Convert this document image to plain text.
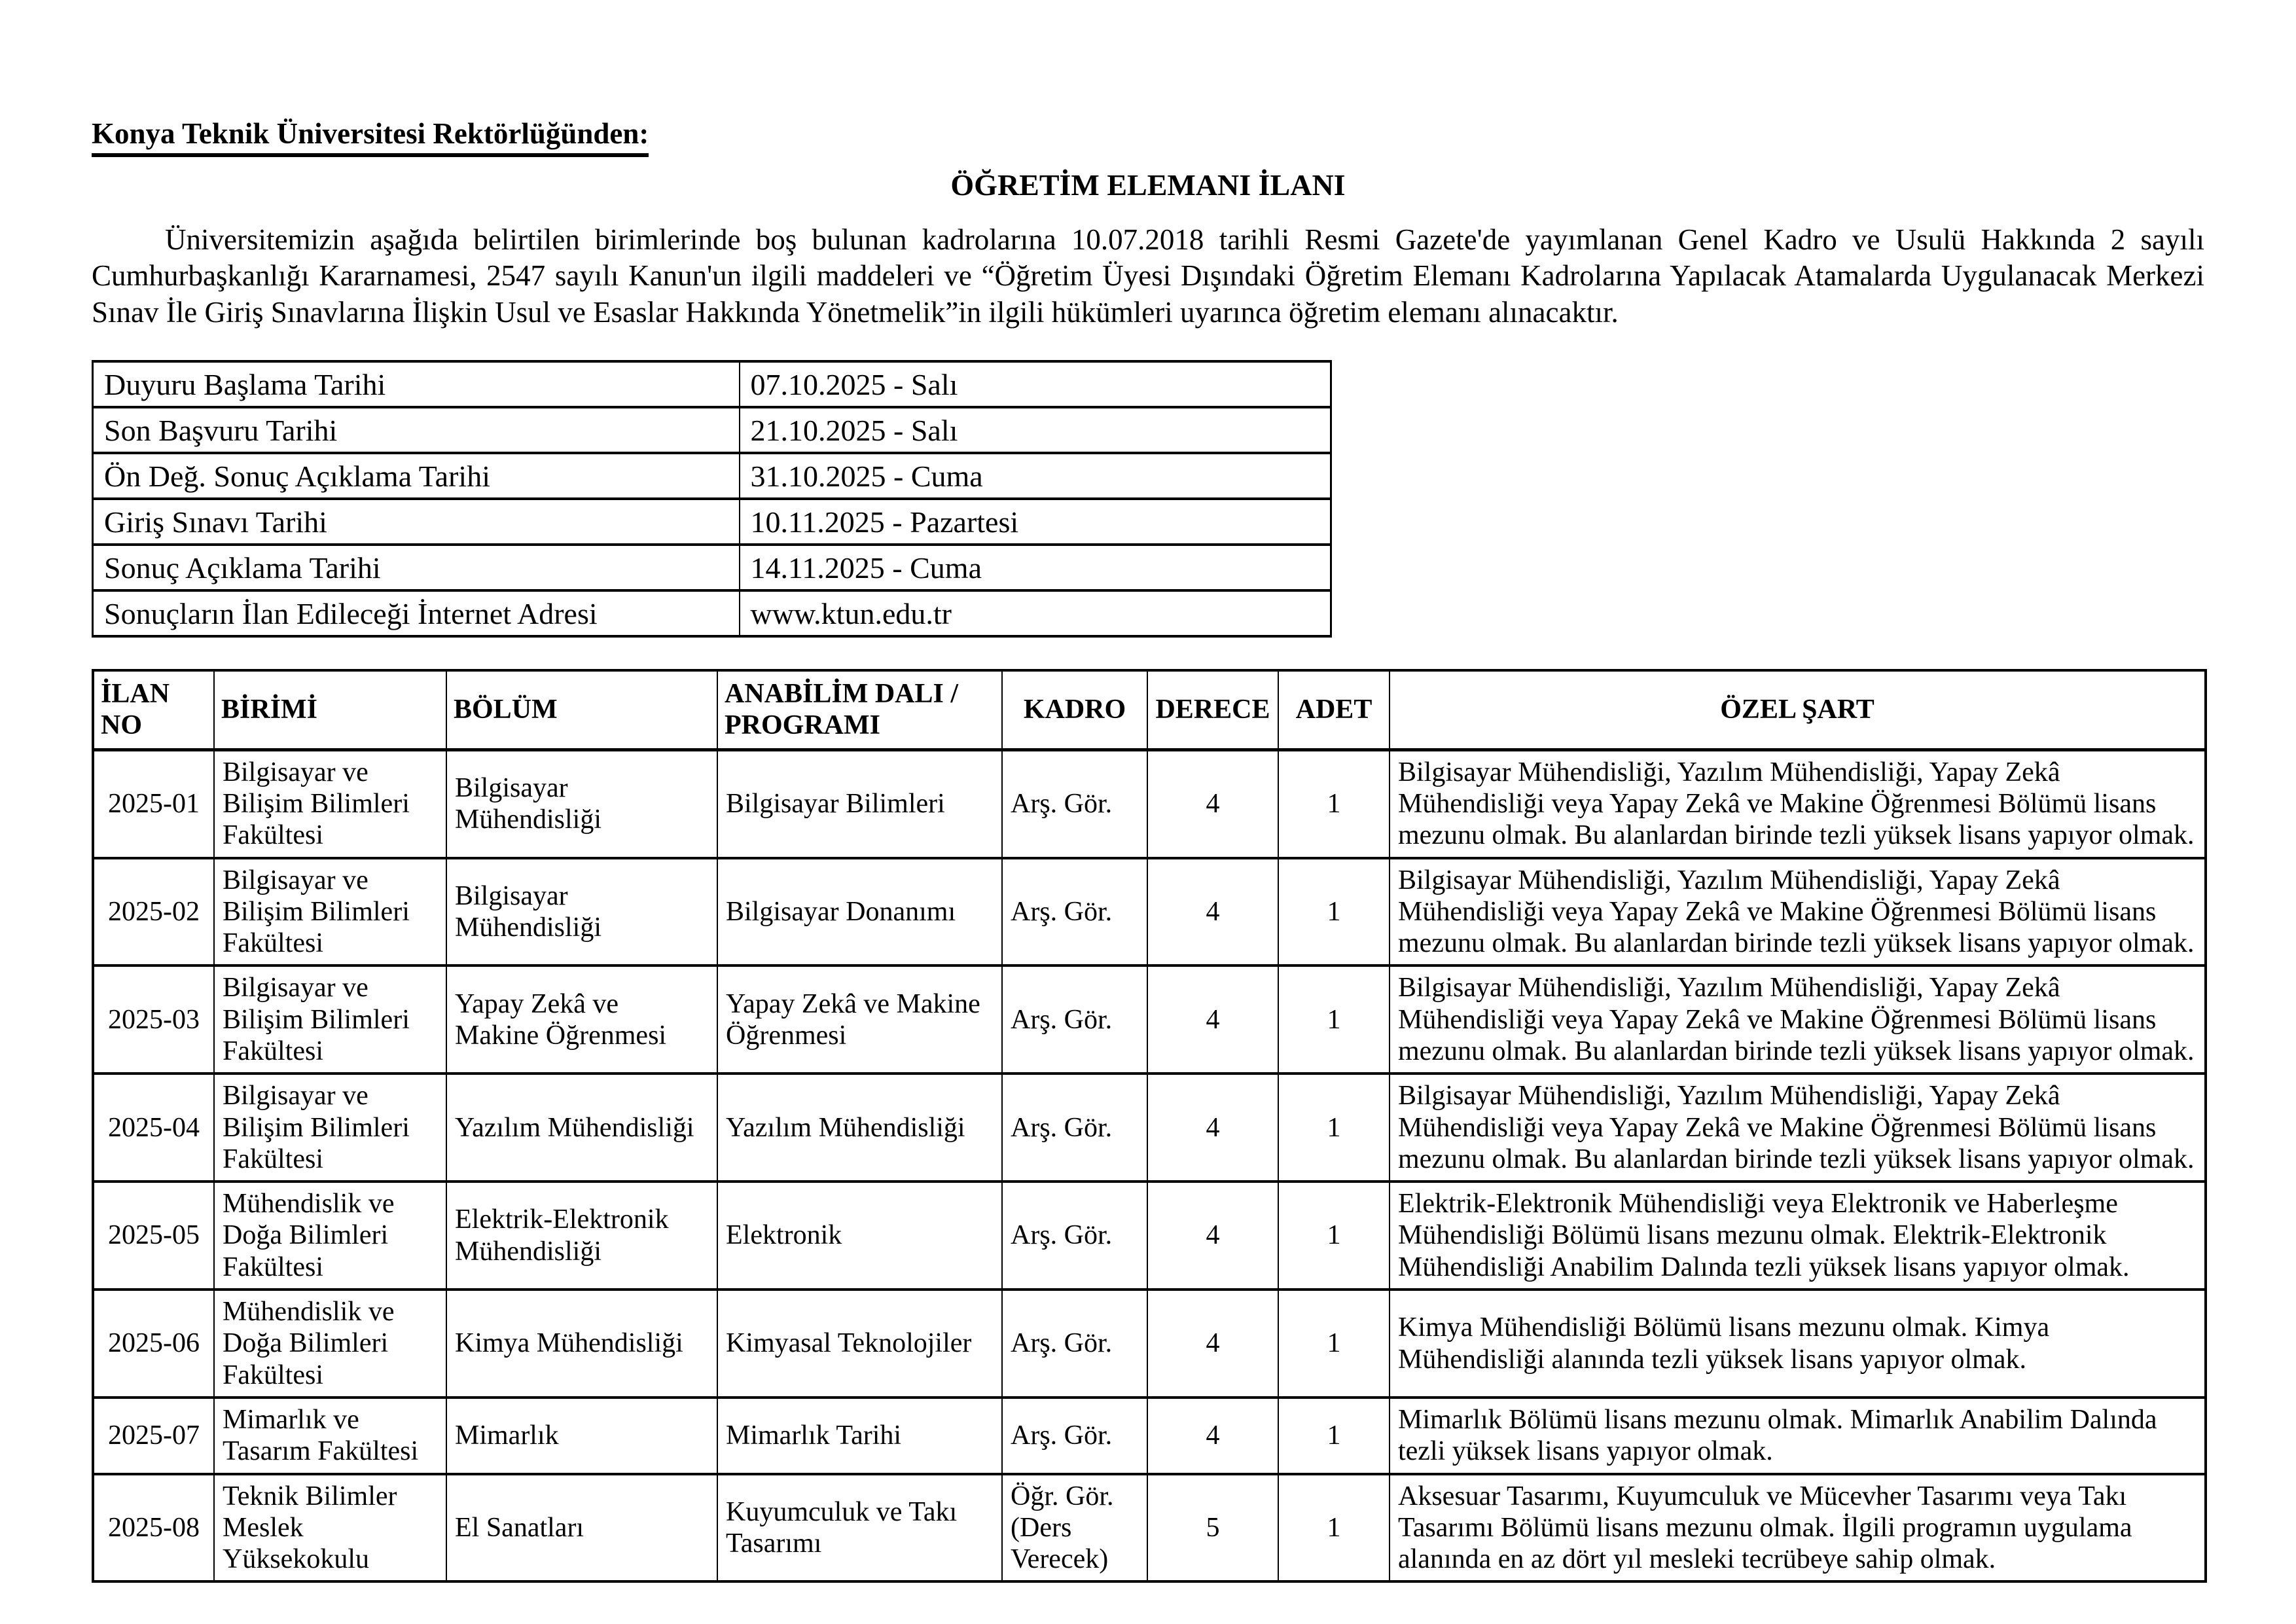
Konya Teknik Üniversitesi Rektörlüğünden:
ÖĞRETİM ELEMANI İLANI

Üniversitemizin aşağıda belirtilen birimlerinde boş bulunan kadrolarına 10.07.2018 tarihli Resmi Gazete'de yayımlanan Genel Kadro ve Usulü Hakkında 2 sayılı Cumhurbaşkanlığı Kararnamesi, 2547 sayılı Kanun'un ilgili maddeleri ve “Öğretim Üyesi Dışındaki Öğretim Elemanı Kadrolarına Yapılacak Atamalarda Uygulanacak Merkezi Sınav İle Giriş Sınavlarına İlişkin Usul ve Esaslar Hakkında Yönetmelik”in ilgili hükümleri uyarınca öğretim elemanı alınacaktır.

Duyuru Başlama Tarihi	07.10.2025 - Salı
Son Başvuru Tarihi	21.10.2025 - Salı
Ön Değ. Sonuç Açıklama Tarihi	31.10.2025 - Cuma
Giriş Sınavı Tarihi	10.11.2025 - Pazartesi
Sonuç Açıklama Tarihi	14.11.2025 - Cuma
Sonuçların İlan Edileceği İnternet Adresi	www.ktun.edu.tr
İLAN NO	BİRİMİ	BÖLÜM	ANABİLİM DALI / PROGRAMI	KADRO	DERECE	ADET	ÖZEL ŞART
2025-01	Bilgisayar ve Bilişim Bilimleri Fakültesi	Bilgisayar Mühendisliği	Bilgisayar Bilimleri	Arş. Gör.	4	1	Bilgisayar Mühendisliği, Yazılım Mühendisliği, Yapay Zekâ Mühendisliği veya Yapay Zekâ ve Makine Öğrenmesi Bölümü lisans mezunu olmak. Bu alanlardan birinde tezli yüksek lisans yapıyor olmak.
2025-02	Bilgisayar ve Bilişim Bilimleri Fakültesi	Bilgisayar Mühendisliği	Bilgisayar Donanımı	Arş. Gör.	4	1	Bilgisayar Mühendisliği, Yazılım Mühendisliği, Yapay Zekâ Mühendisliği veya Yapay Zekâ ve Makine Öğrenmesi Bölümü lisans mezunu olmak. Bu alanlardan birinde tezli yüksek lisans yapıyor olmak.
2025-03	Bilgisayar ve Bilişim Bilimleri Fakültesi	Yapay Zekâ ve Makine Öğrenmesi	Yapay Zekâ ve Makine Öğrenmesi	Arş. Gör.	4	1	Bilgisayar Mühendisliği, Yazılım Mühendisliği, Yapay Zekâ Mühendisliği veya Yapay Zekâ ve Makine Öğrenmesi Bölümü lisans mezunu olmak. Bu alanlardan birinde tezli yüksek lisans yapıyor olmak.
2025-04	Bilgisayar ve Bilişim Bilimleri Fakültesi	Yazılım Mühendisliği	Yazılım Mühendisliği	Arş. Gör.	4	1	Bilgisayar Mühendisliği, Yazılım Mühendisliği, Yapay Zekâ Mühendisliği veya Yapay Zekâ ve Makine Öğrenmesi Bölümü lisans mezunu olmak. Bu alanlardan birinde tezli yüksek lisans yapıyor olmak.
2025-05	Mühendislik ve Doğa Bilimleri Fakültesi	Elektrik-Elektronik Mühendisliği	Elektronik	Arş. Gör.	4	1	Elektrik-Elektronik Mühendisliği veya Elektronik ve Haberleşme Mühendisliği Bölümü lisans mezunu olmak. Elektrik-Elektronik Mühendisliği Anabilim Dalında tezli yüksek lisans yapıyor olmak.
2025-06	Mühendislik ve Doğa Bilimleri Fakültesi	Kimya Mühendisliği	Kimyasal Teknolojiler	Arş. Gör.	4	1	Kimya Mühendisliği Bölümü lisans mezunu olmak. Kimya Mühendisliği alanında tezli yüksek lisans yapıyor olmak.
2025-07	Mimarlık ve Tasarım Fakültesi	Mimarlık	Mimarlık Tarihi	Arş. Gör.	4	1	Mimarlık Bölümü lisans mezunu olmak. Mimarlık Anabilim Dalında tezli yüksek lisans yapıyor olmak.
2025-08	Teknik Bilimler Meslek Yüksekokulu	El Sanatları	Kuyumculuk ve Takı Tasarımı	Öğr. Gör. (Ders Verecek)	5	1	Aksesuar Tasarımı, Kuyumculuk ve Mücevher Tasarımı veya Takı Tasarımı Bölümü lisans mezunu olmak. İlgili programın uygulama alanında en az dört yıl mesleki tecrübeye sahip olmak.
